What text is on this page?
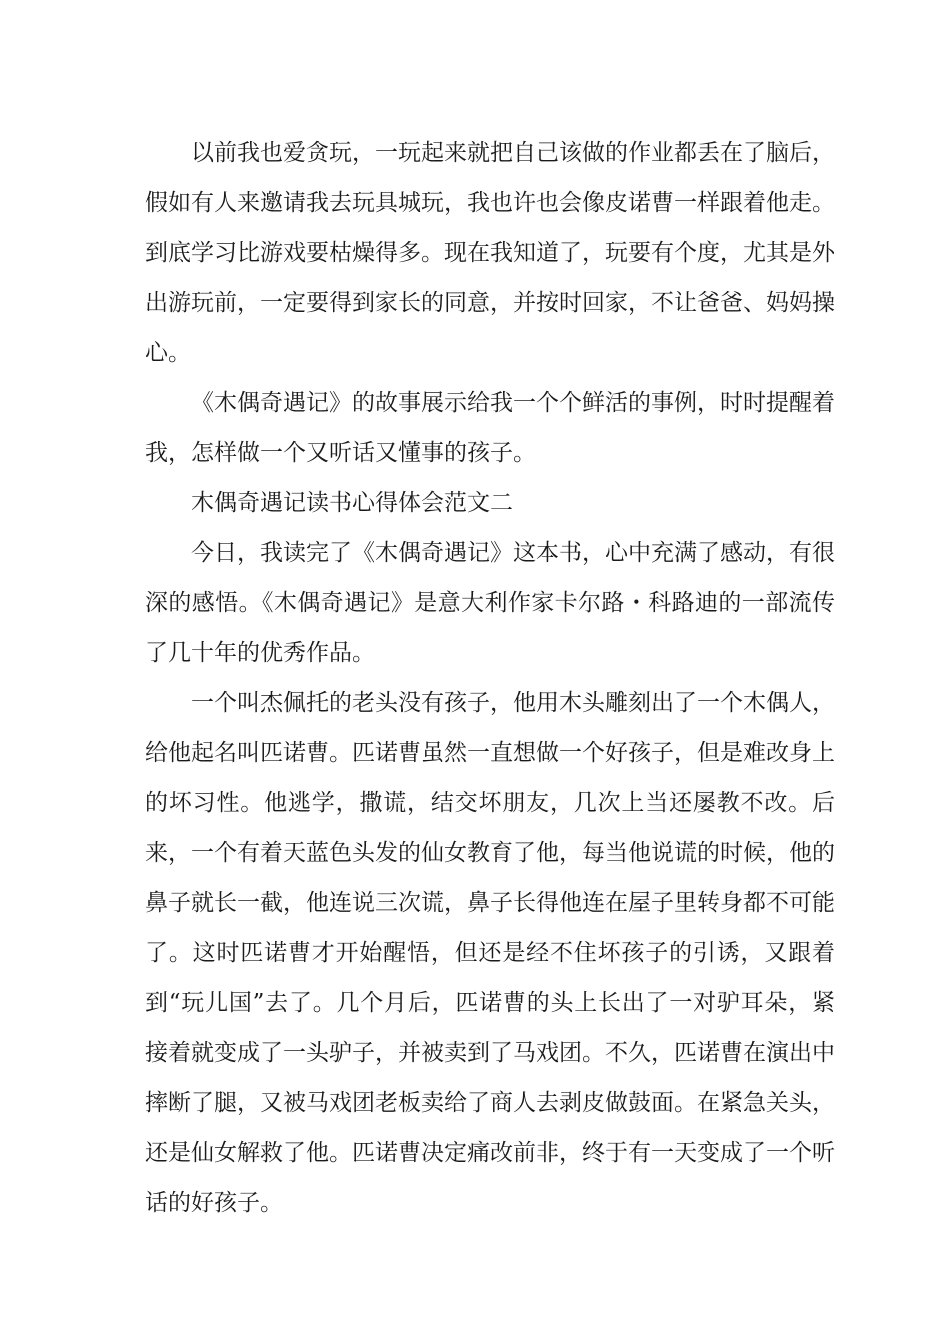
以前我也爱贪玩，一玩起来就把自己该做的作业都丢在了脑后，假如有人来邀请我去玩具城玩，我也许也会像皮诺曹一样跟着他走。到底学习比游戏要枯燥得多。现在我知道了，玩要有个度，尤其是外出游玩前，一定要得到家长的同意，并按时回家，不让爸爸、妈妈操心。

《木偶奇遇记》的故事展示给我一个个鲜活的事例，时时提醒着我，怎样做一个又听话又懂事的孩子。

木偶奇遇记读书心得体会范文二

今日，我读完了《木偶奇遇记》这本书，心中充满了感动，有很深的感悟。《木偶奇遇记》是意大利作家卡尔路・科路迪的一部流传了几十年的优秀作品。

一个叫杰佩托的老头没有孩子，他用木头雕刻出了一个木偶人，给他起名叫匹诺曹。匹诺曹虽然一直想做一个好孩子，但是难改身上的坏习性。他逃学，撒谎，结交坏朋友，几次上当还屡教不改。后来，一个有着天蓝色头发的仙女教育了他，每当他说谎的时候，他的鼻子就长一截，他连说三次谎，鼻子长得他连在屋子里转身都不可能了。这时匹诺曹才开始醒悟，但还是经不住坏孩子的引诱，又跟着到“玩儿国”去了。几个月后，匹诺曹的头上长出了一对驴耳朵，紧接着就变成了一头驴子，并被卖到了马戏团。不久，匹诺曹在演出中摔断了腿，又被马戏团老板卖给了商人去剥皮做鼓面。在紧急关头，还是仙女解救了他。匹诺曹决定痛改前非，终于有一天变成了一个听话的好孩子。
